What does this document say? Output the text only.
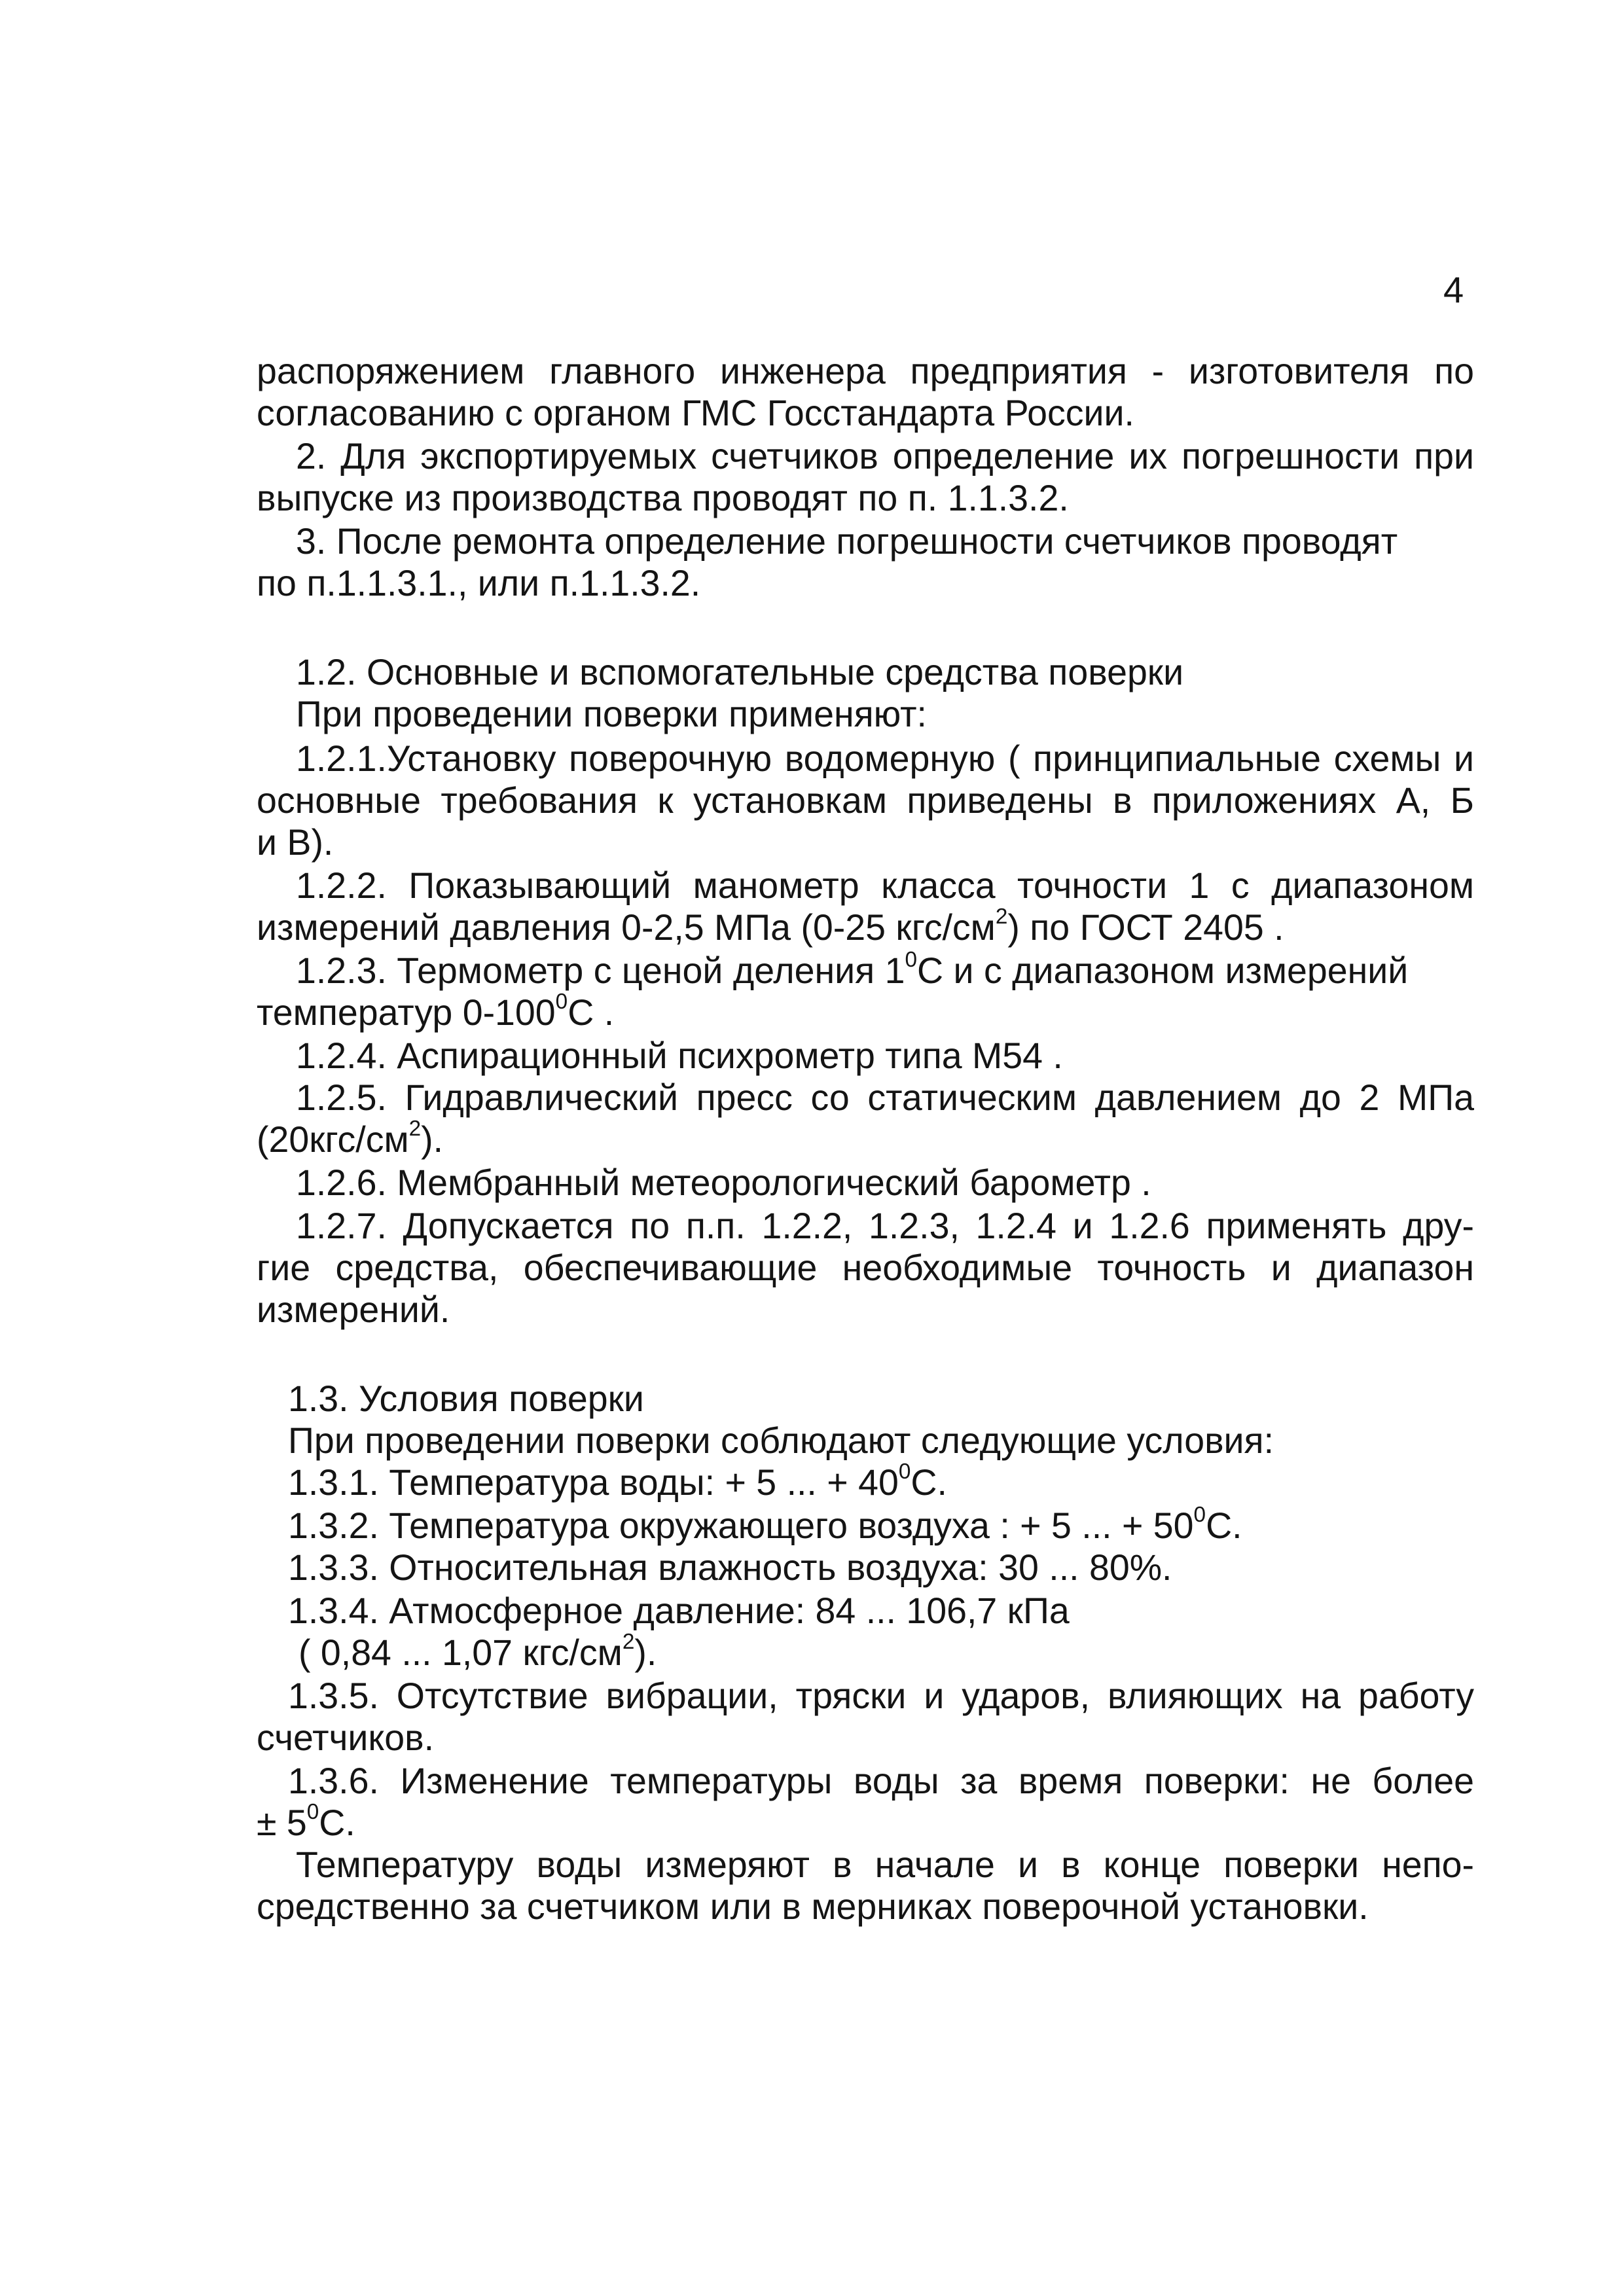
4
распоряжением главного инженера предприятия - изготовителя по
согласованию с органом ГМС Госстандарта России.
2. Для экспортируемых счетчиков определение их погрешности при
выпуске из производства проводят по п. 1.1.3.2.
3. После ремонта определение погрешности счетчиков проводят
по п.1.1.3.1., или п.1.1.3.2.
1.2. Основные и вспомогательные средства поверки
При проведении поверки применяют:
1.2.1.Установку поверочную водомерную ( принципиальные схемы и
основные требования к установкам приведены в приложениях А, Б
и В).
1.2.2. Показывающий манометр класса точности 1 с диапазоном
измерений давления 0-2,5 МПа (0-25 кгс/$см^2$) по ГОСТ 2405 .
1.2.3. Термометр с ценой деления $1^0С$ и с диапазоном измерений
температур $0-100^0С$ .
1.2.4. Аспирационный психрометр типа М54 .
1.2.5. Гидравлический пресс со статическим давлением до 2 МПа
$(20кгс/см^2)$.
1.2.6. Мембранный метеорологический барометр .
1.2.7. Допускается по п.п. 1.2.2, 1.2.3, 1.2.4 и 1.2.6 применять дру-
гие средства, обеспечивающие необходимые точность и диапазон
измерений.
1.3. Условия поверки
При проведении поверки соблюдают следующие условия:
1.3.1. Температура воды: + 5 ... + $40^0С$.
1.3.2. Температура окружающего воздуха : + 5 ... + $50^0С$.
1.3.3. Относительная влажность воздуха: 30 ... 80%.
1.3.4. Атмосферное давление: 84 ... 106,7 кПа
( 0,84 ... 1,07 кгс/$см^2$).
1.3.5. Отсутствие вибрации, тряски и ударов, влияющих на работу
счетчиков.
1.3.6. Изменение температуры воды за время поверки: не более
± $5^0С$.
Температуру воды измеряют в начале и в конце поверки непо-
средственно за счетчиком или в мерниках поверочной установки.
